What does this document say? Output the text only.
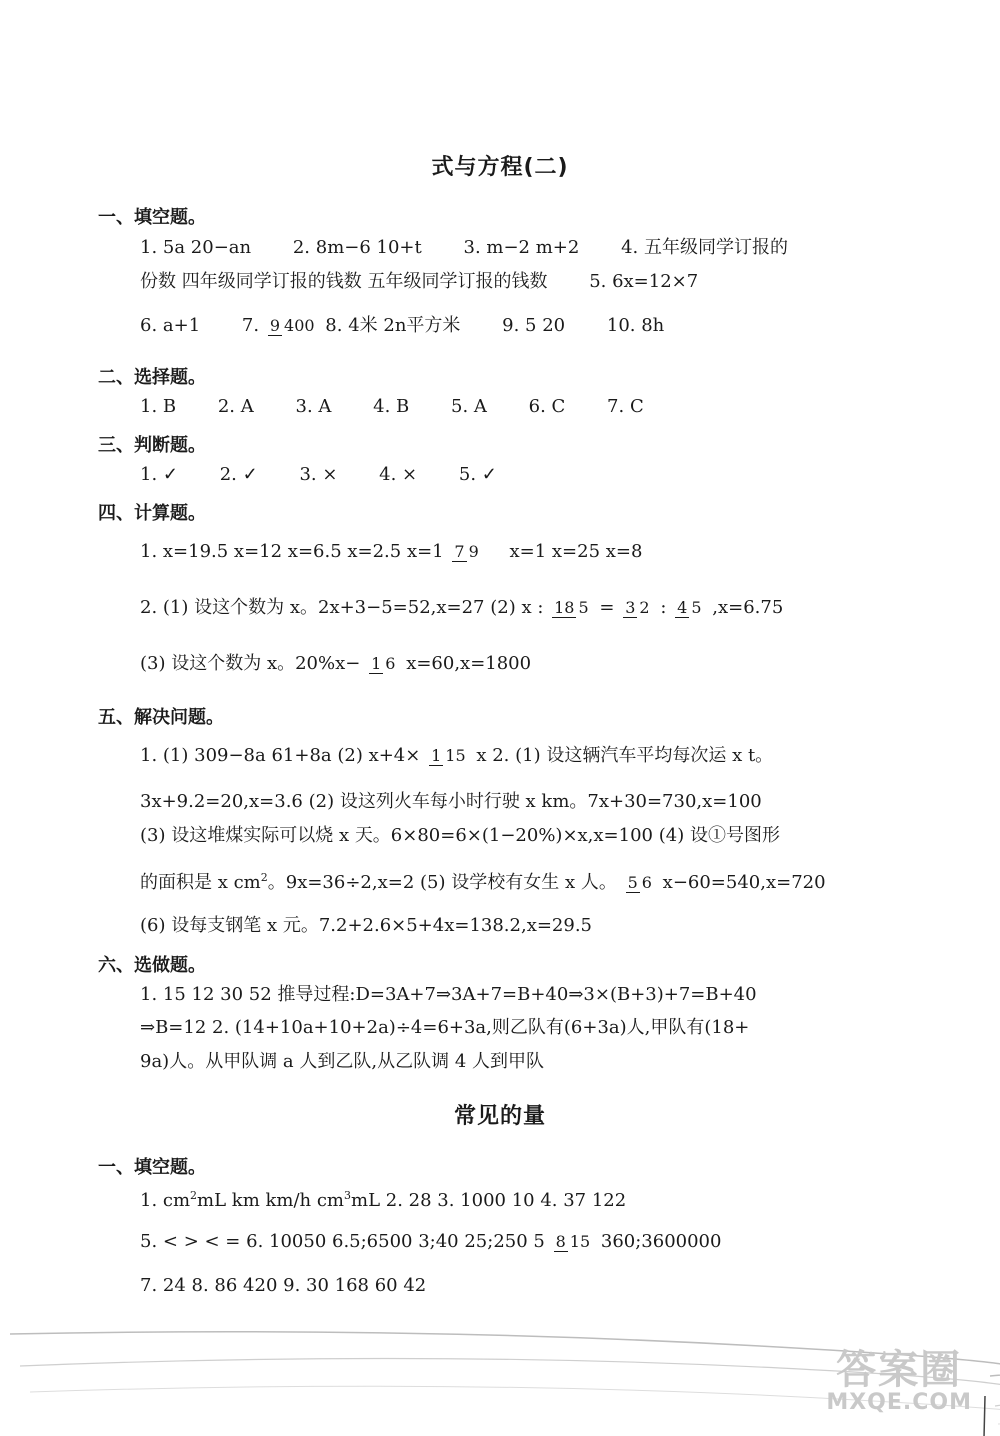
式与方程(二)
一、填空题。
1. 5a 20−an 2. 8m−6 10+t 3. m−2 m+2 4. 五年级同学订报的
份数 四年级同学订报的钱数 五年级同学订报的钱数 5. 6x=12×7
6. a+1 7. 9 400 8. 4米 2n平方米 9. 5 20 10. 8h
二、选择题。
1. B 2. A 3. A 4. B 5. A 6. C 7. C
三、判断题。
1. ✓ 2. ✓ 3. × 4. × 5. ✓
四、计算题。
1. x=19.5 x=12 x=6.5 x=2.5 x=1 7 9 x=1 x=25 x=8
2. (1) 设这个数为 x。2x+3−5=52,x=27 (2) x : 18 5 = 3 2 : 4 5 ,x=6.75
(3) 设这个数为 x。20%x− 1 6 x=60,x=1800
五、解决问题。
1. (1) 309−8a 61+8a (2) x+4× 1 15 x 2. (1) 设这辆汽车平均每次运 x t。
3x+9.2=20,x=3.6 (2) 设这列火车每小时行驶 x km。7x+30=730,x=100
(3) 设这堆煤实际可以烧 x 天。6×80=6×(1−20%)×x,x=100 (4) 设①号图形
的面积是 x $cm^2$。9x=36÷2,x=2 (5) 设学校有女生 x 人。 5 6 x−60=540,x=720
(6) 设每支钢笔 x 元。7.2+2.6×5+4x=138.2,x=29.5
六、选做题。
1. 15 12 30 52 推导过程:D=3A+7⇒3A+7=B+40⇒3×(B+3)+7=B+40
⇒B=12 2. (14+10a+10+2a)÷4=6+3a,则乙队有(6+3a)人,甲队有(18+
9a)人。从甲队调 a 人到乙队,从乙队调 4 人到甲队
常见的量
一、填空题。
1. $cm^2mL$ km km/h $cm^3mL$ 2. 28 3. 1000 10 4. 37 122
5. < > < = 6. 10050 6.5;6500 3;40 25;250 5 8 15 360;3600000
7. 24 8. 86 420 9. 30 168 60 42
答案圈
MXQE.COM
